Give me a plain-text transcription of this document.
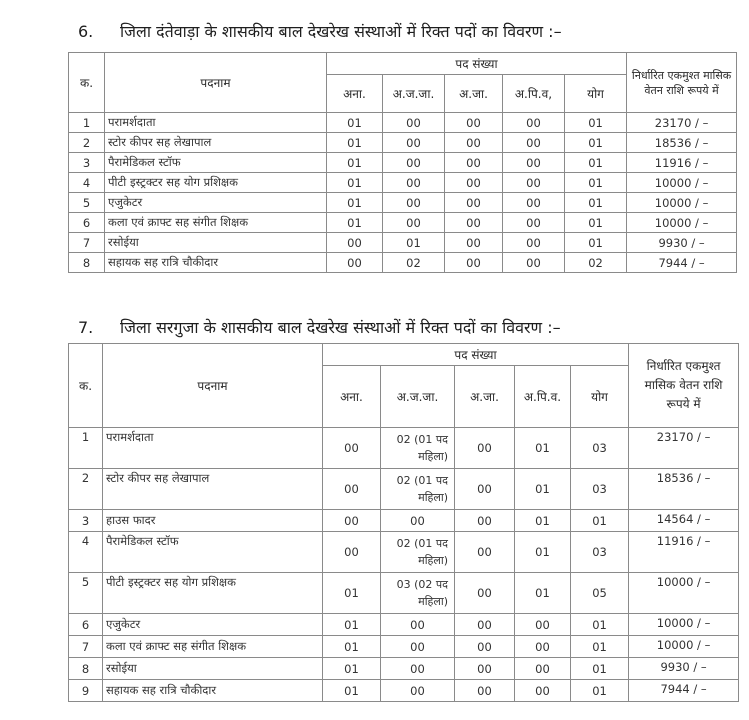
6. जिला दंतेवाड़ा के शासकीय बाल देखरेख संस्थाओं में रिक्त पदों का विवरण :–
क.	पदनाम	पद संख्या					निर्धारित एकमुश्त मासिक वेतन राशि रूपये में
		अना.	अ.ज.जा.	अ.जा.	अ.पि.व,	योग	
1	परामर्शदाता	01	00	00	00	01	23170 / –
2	स्टोर कीपर सह लेखापाल	01	00	00	00	01	18536 / –
3	पैरामेडिकल स्टॉफ	01	00	00	00	01	11916 / –
4	पीटी इस्ट्रक्टर सह योग प्रशिक्षक	01	00	00	00	01	10000 / –
5	एजुकेटर	01	00	00	00	01	10000 / –
6	कला एवं क्राफ्ट सह संगीत शिक्षक	01	00	00	00	01	10000 / –
7	रसोईया	00	01	00	00	01	9930 / –
8	सहायक सह रात्रि चौकीदार	00	02	00	00	02	7944 / –
7. जिला सरगुजा के शासकीय बाल देखरेख संस्थाओं में रिक्त पदों का विवरण :–
क.	पदनाम	पद संख्या					निर्धारित एकमुश्त मासिक वेतन राशि रूपये में
		अना.	अ.ज.जा.	अ.जा.	अ.पि.व.	योग	
1	परामर्शदाता	00	02 (01 पद
महिला)	00	01	03	23170 / –
2	स्टोर कीपर सह लेखापाल	00	02 (01 पद
महिला)	00	01	03	18536 / –
3	हाउस फादर	00	00	00	01	01	14564 / –
4	पैरामेडिकल स्टॉफ	00	02 (01 पद
महिला)	00	01	03	11916 / –
5	पीटी इस्ट्रक्टर सह योग प्रशिक्षक	01	03 (02 पद
महिला)	00	01	05	10000 / –
6	एजुकेटर	01	00	00	00	01	10000 / –
7	कला एवं क्राफ्ट सह संगीत शिक्षक	01	00	00	00	01	10000 / –
8	रसोईया	01	00	00	00	01	9930 / –
9	सहायक सह रात्रि चौकीदार	01	00	00	00	01	7944 / –
